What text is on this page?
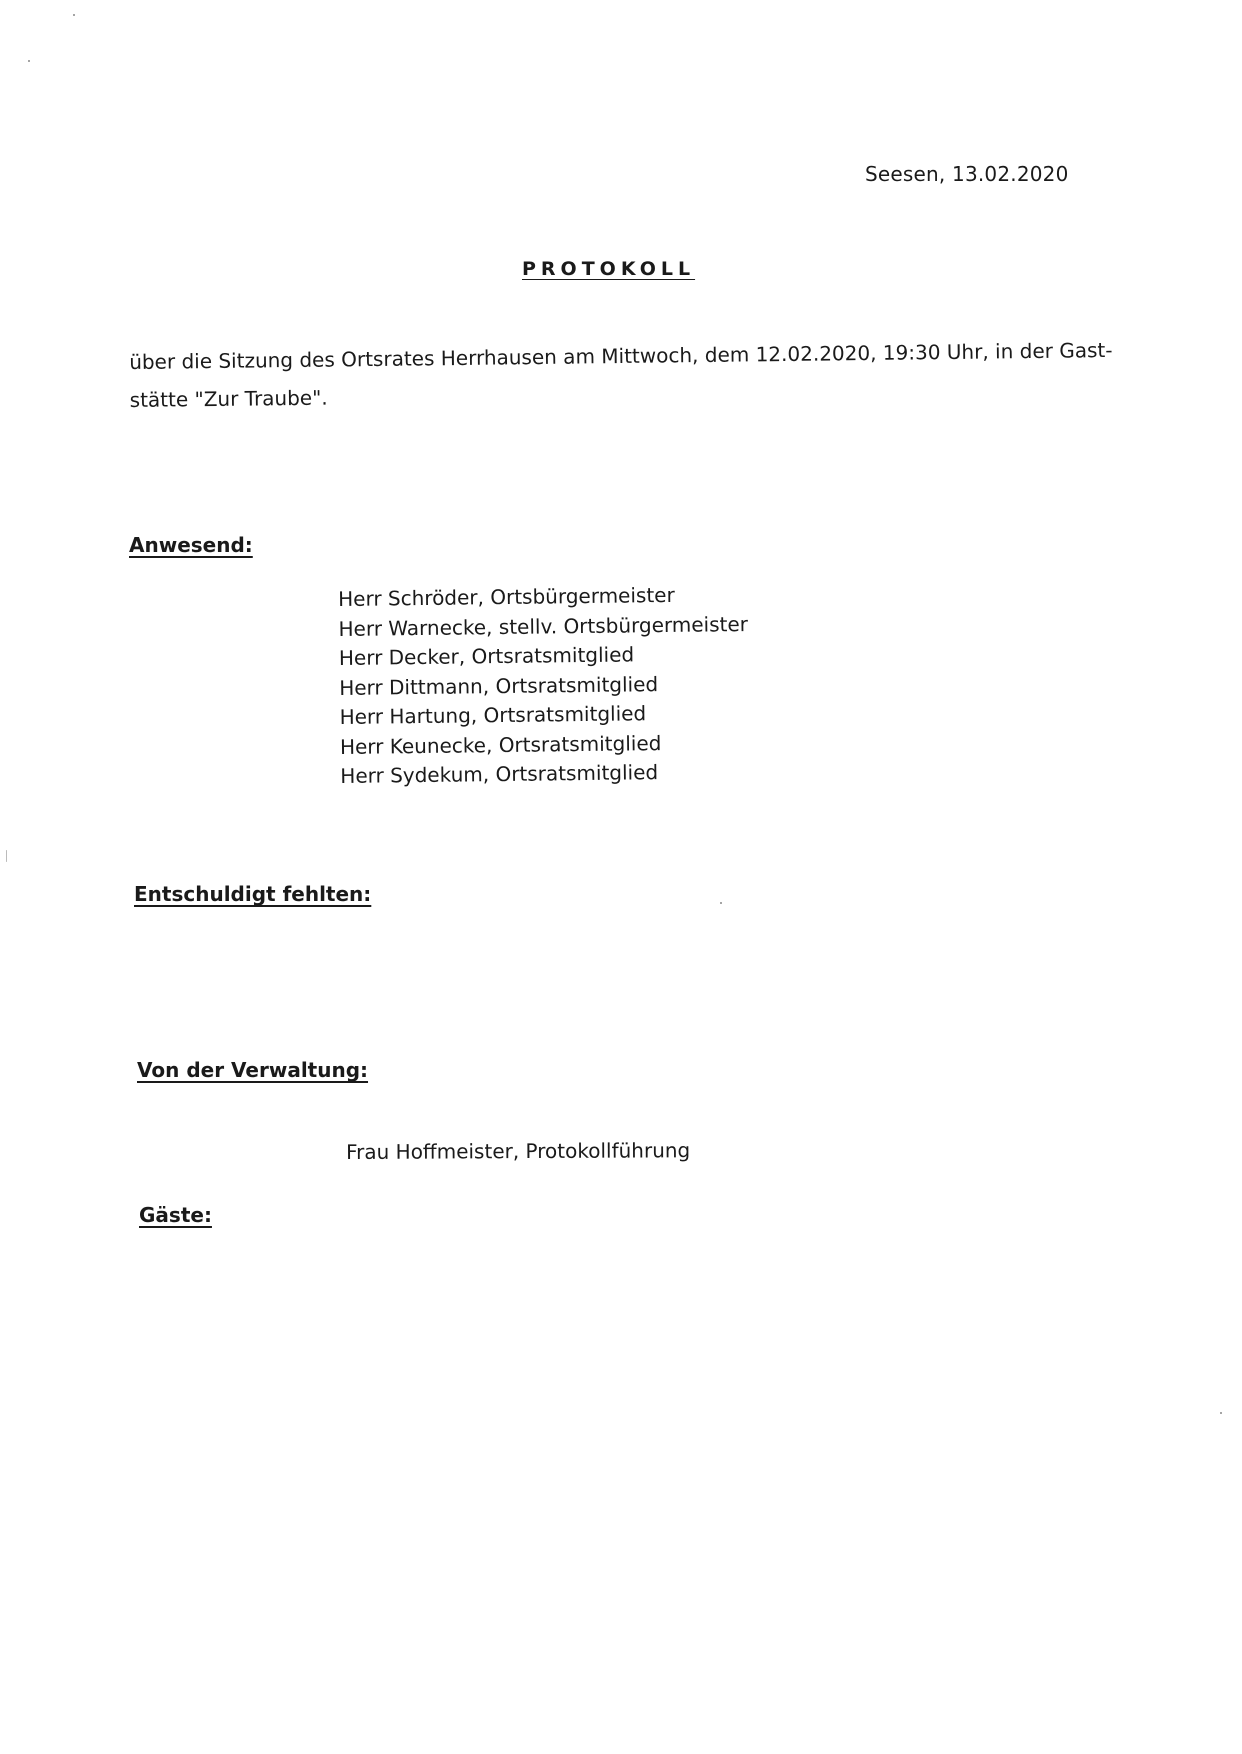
Seesen, 13.02.2020
PROTOKOLL
über die Sitzung des Ortsrates Herrhausen am Mittwoch, dem 12.02.2020, 19:30 Uhr, in der Gast-
stätte "Zur Traube".
Anwesend:
Herr Schröder, Ortsbürgermeister
Herr Warnecke, stellv. Ortsbürgermeister
Herr Decker, Ortsratsmitglied
Herr Dittmann, Ortsratsmitglied
Herr Hartung, Ortsratsmitglied
Herr Keunecke, Ortsratsmitglied
Herr Sydekum, Ortsratsmitglied
Entschuldigt fehlten:
Von der Verwaltung:
Frau Hoffmeister, Protokollführung
Gäste:
